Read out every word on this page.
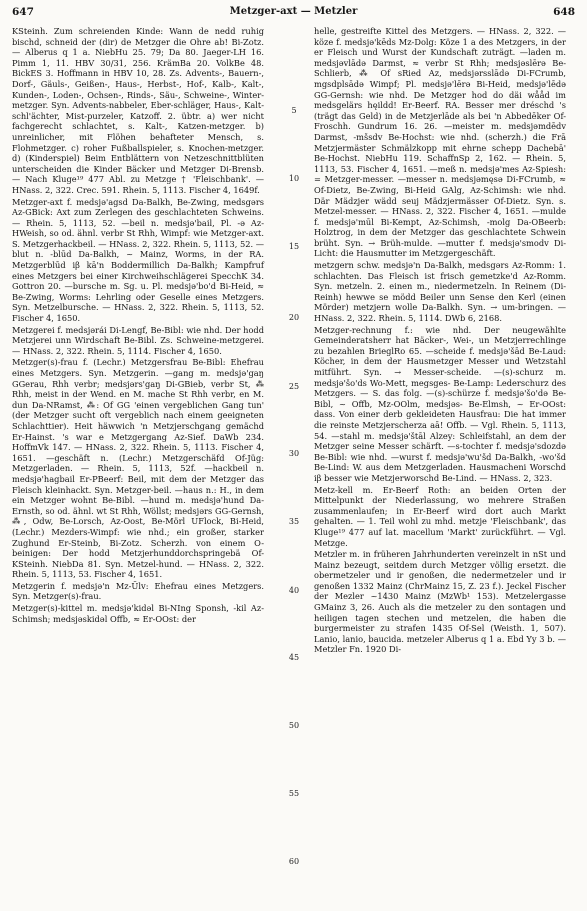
647	Metzger-axt — Metzler	648

KSteinh. Zum schreienden Kinde: Wann de nedd ruhig bischd, schneid der (dir) de Metzger die Ohre ab! Bi-Zotz. — Alberus q 1 a. NiebHu 25. 79; Da 80. Jaeger-LH 16. Pimm 1, 11. HBV 30/31, 256. KrämBa 20. VolkBe 48. BickES 3. Hoffmann in HBV 10, 28. Zs. Advents-, Bauern-, Dorf-, Gäuls-, Geißen-, Haus-, Herbst-, Hof-, Kalb-, Kalt-, Kunden-, Loden-, Ochsen-, Rinds-, Säu-, Schweine-, Winter-metzger. Syn. Advents-nabbeler, Eber-schläger, Haus-, Kalt-schl'ächter, Mist-purzeler, Katzoff. 2. übtr. a) wer nicht fachgerecht schlachtet, s. Kalt-, Katzen-metzger. b) unreinlicher, mit Flöhen behafteter Mensch, s. Flohmetzger. c) roher Fußballspieler, s. Knochen-metzger. d) (Kinderspiel) Beim Entblättern von Netzeschnittblüten unterscheiden die Kinder Bäcker und Metzger Di-Brensb. — Nach Kluge¹⁹ 477 Abl. zu Metzge † 'Fleischbank'. — HNass. 2, 322. Crec. 591. Rhein. 5, 1113. Fischer 4, 1649f.

Metzger-axt f. medsjə'agsd Da-Balkh, Be-Zwing, medsgərs Az-GBick: Axt zum Zerlegen des geschlachteten Schweins. — Rhein. 5, 1113, 52. —beil n. medsjə'bail, Pl. -ə Az-HWeish, so od. ähnl. verbr St Rhh, Wimpf: wie Metzger-axt. S. Metzgerhackbeil. — HNass. 2, 322. Rhein. 5, 1113, 52. —blut n. -blūd Da-Balkh, ~ Mainz, Worms, in der RA. Metzgerblūd iβ kā'n Boddermillich Da-Balkh; Kampfruf eines Metzgers bei einer Kirchweihschlägerei SpecchK 34. Gottron 20. —bursche m. Sg. u. Pl. medsjə'bo'd Bi-Heid, ≈ Be-Zwing, Worms: Lehrling oder Geselle eines Metzgers. Syn. Metzelbursche. — HNass. 2, 322. Rhein. 5, 1113, 52. Fischer 4, 1650.

Metzgerei f. medsjərái Di-Lengf, Be-Bibl: wie nhd. Der hodd Metzjerei unn Wirdschaft Be-Bibl. Zs. Schweine-metzgerei. — HNass. 2, 322. Rhein. 5, 1114. Fischer 4, 1650.

Metzger(s)-frau f. (Lechr.) Metzgersfrau Be-Bibl: Ehefrau eines Metzgers. Syn. Metzgerin. —gang m. medsjə'gaŋ GGerau, Rhh verbr; medsjərs'gaŋ Di-GBieb, verbr St, ⁂ Rhh, meist in der Wend. en M. mache St Rhh verbr, en M. dun Da-NRamst, ⁂: Of GG 'einen vergeblichen Gang tun' (der Metzger sucht oft vergeblich nach einem geeigneten Schlachttier). Heit häwwich 'n Metzjerschgang gemächd Er-Hainst. 's war e Metzgergang Az-Sief. DaWb 234. HoffmVk 147. — HNass. 2, 322. Rhein. 5, 1113. Fischer 4, 1651. —geschäft n. (Lechr.) Metzgerschäfd Of-Jüg: Metzgerladen. — Rhein. 5, 1113, 52f. —hackbeil n. medsjə'hagbail Er-PBeerf: Beil, mit dem der Metzger das Fleisch kleinhackt. Syn. Metzger-beil. —haus n.: H., in dem ein Metzger wohnt Be-Bibl. —hund m. medsjə'hund Da-Ernsth, so od. ähnl. wt St Rhh, Wöllst; medsjərs GG-Gernsh, ⁂, Odw, Be-Lorsch, Az-Oost, Be-Mörl UFlock, Bi-Heid, (Lechr.) Mezders-Wimpf: wie nhd.; ein großer, starker Zughund Er-Steinb, Bi-Zotz. Scherzh. von einem O-beinigen: Der hodd Metzjerhunddorchspringebä Of-KSteinh. NiebDa 81. Syn. Metzel-hund. — HNass. 2, 322. Rhein. 5, 1113, 53. Fischer 4, 1651.

Metzgerin f. medsjə'n Mz-Ülv: Ehefrau eines Metzgers. Syn. Metzger(s)-frau.

Metzger(s)-kittel m. medsjə'kidəl Bi-NIng Sponsh, -kil Az-Schimsh; medsjəskidəl Offb, ≈ Er-OOst: der

5
10
15
20
25
30
35
40
45
50
55
60

helle, gestreifte Kittel des Metzgers. — HNass. 2, 322. —köze f. medsjə'kēds Mz-Dolg: Köze 1 a des Metzgers, in der er Fleisch und Wurst der Kundschaft zuträgt. —laden m. medsjəvlādə Darmst, ≈ verbr St Rhh; medsjəslērə Be-Schlierb, ⁂ Of sRied Az, medsjərsslādə Di-FCrumb, mgsdplsādə Wimpf; Pl. medsjə'lērə Bi-Heid, medsjə'lēdə GG-Gernsh: wie nhd. De Metzger hod do däi wååd im medsgelärs hęildd! Er-Beerf. RA. Besser mer dréschd 's (trägt das Geld) in de Metzjerlāde als bei 'n Abbedēker Of-Froschh. Gundrum 16. 26. —meister m. medsjəmdēdv Darmst, -mšsdv Be-Hochst: wie nhd. (scherzh.) die Frā Metzjermäster Schmälzkopp mit ehrne schepp Dachebā' Be-Hochst. NiebHu 119. SchaffnSp 2, 162. — Rhein. 5, 1113, 53. Fischer 4, 1651. —meß n. medsjə'mes Az-Spiesh: = Metzger-messer. —messer n. medsjəmęsə Di-FCrumb, ≈ Of-Dietz, Be-Zwing, Bi-Heid GAlg, Az-Schimsh: wie nhd. Där Mädzjer wädd seuj Mädzjermässer Of-Dietz. Syn. s. Metzel-messer. — HNass. 2, 322. Fischer 4, 1651. —mulde f. medsjə'mūl Bi-Kempt, Az-Schimsh, -molg Da-OBeerb: Holztrog, in dem der Metzger das geschlachtete Schwein brüht. Syn. → Brüh-mulde. —mutter f. medsjə'smodv Di-Licht: die Hausmutter im Metzgergeschäft.

metzgern schw. medsjə'n Da-Balkh, medsgərs Az-Romm: 1. schlachten. Das Fleisch ist frisch gemetzke'd Az-Romm. Syn. metzeln. 2. einen m., niedermetzeln. In Reinem (Di-Reinh) hewwe se mödd Beiler unn Sense den Kerl (einen Mörder) metzjern wolle Da-Balkh. Syn. → um-bringen. — HNass. 2, 322. Rhein. 5, 1114. DWb 6, 2168.

Metzger-rechnung f.: wie nhd. Der neugewählte Gemeinderatsherr hat Bäcker-, Wei-, un Metzjerrechlinge zu bezahlen BrieglRo 65. —scheide f. medsjə'šād Be-Laud: Köcher, in dem der Hausmetzger Messer und Wetzstahl mitführt. Syn. → Messer-scheide. —(s)-schurz m. medsjə'šo'ds Wo-Mett, megsges- Be-Lamp: Lederschurz des Metzgers. — S. das folg. —(s)-schürze f. medsjə'šo'də Be-Bibl, ~ Offb, Mz-OOlm, medsjəs- Be-Elmsh, ~ Er-OOst: dass. Von einer derb gekleideten Hausfrau: Die hat immer die reinste Metzjerscherza aā! Offb. — Vgl. Rhein. 5, 1113, 54. —stahl m. medsjə'štāl Alzey: Schleifstahl, an dem der Metzger seine Messer schärft. —s-tochter f. medsjə'sdozdə Be-Bibl: wie nhd. —wurst f. medsjə'wu'šd Da-Balkh, -wo'šd Be-Lind: W. aus dem Metzgerladen. Hausmacheni Worschd iβ besser wie Metzjerworschd Be-Lind. — HNass. 2, 323.

Metz-kell m. Er-Beerf Roth: an beiden Orten der Mittelpunkt der Niederlassung, wo mehrere Straßen zusammenlaufen; in Er-Beerf wird dort auch Markt gehalten. — 1. Teil wohl zu mhd. metzje 'Fleischbank', das Kluge¹⁹ 477 auf lat. macellum 'Markt' zurückführt. — Vgl. Metzge.

Metzler m. in früheren Jahrhunderten vereinzelt in nSt und Mainz bezeugt, seitdem durch Metzger völlig ersetzt. die obermetzeler und ir genoßen, die nedermetzeler und ir genoßen 1332 Mainz (ChrMainz 15, Z. 23 f.). Jeckel Fischer der Mezler ~1430 Mainz (MzWb¹ 153). Metzelergasse GMainz 3, 26. Auch als die metzeler zu den sontagen und heiligen tagen stechen und metzelen, die haben die burgermeister zu strafen 1435 Of-Sel (Weisth. 1, 507). Lanio, lanio, baucida. metzeler Alberus q 1 a. Ebd Yy 3 b. — Metzler Fn. 1920 Di-
